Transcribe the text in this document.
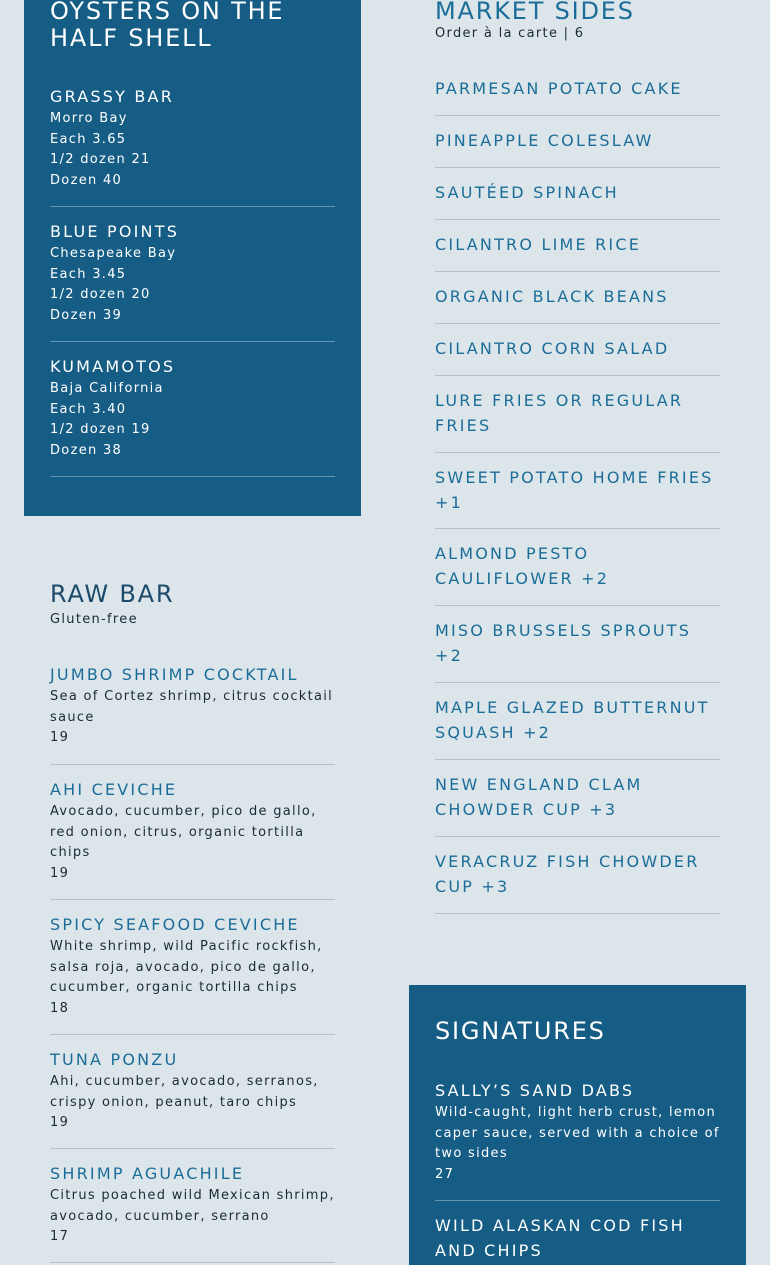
OYSTERS ON THE HALF SHELL
GRASSY BAR
Morro Bay
Each 3.65
1/2 dozen 21
Dozen 40
BLUE POINTS
Chesapeake Bay
Each 3.45
1/2 dozen 20
Dozen 39
KUMAMOTOS
Baja California
Each 3.40
1/2 dozen 19
Dozen 38
MARKET SIDES
Order à la carte | 6
PARMESAN POTATO CAKE
PINEAPPLE COLESLAW
SAUTÉED SPINACH
CILANTRO LIME RICE
ORGANIC BLACK BEANS
CILANTRO CORN SALAD
LURE FRIES OR REGULAR FRIES
SWEET POTATO HOME FRIES +1
ALMOND PESTO CAULIFLOWER +2
MISO BRUSSELS SPROUTS +2
MAPLE GLAZED BUTTERNUT SQUASH +2
NEW ENGLAND CLAM CHOWDER CUP +3
VERACRUZ FISH CHOWDER CUP +3
RAW BAR
Gluten-free
JUMBO SHRIMP COCKTAIL
Sea of Cortez shrimp, citrus cocktail sauce
19
AHI CEVICHE
Avocado, cucumber, pico de gallo, red onion, citrus, organic tortilla chips
19
SPICY SEAFOOD CEVICHE
White shrimp, wild Pacific rockfish, salsa roja, avocado, pico de gallo, cucumber, organic tortilla chips
18
TUNA PONZU
Ahi, cucumber, avocado, serranos, crispy onion, peanut, taro chips
19
SHRIMP AGUACHILE
Citrus poached wild Mexican shrimp, avocado, cucumber, serrano
17
SIGNATURES
SALLY’S SAND DABS
Wild-caught, light herb crust, lemon caper sauce, served with a choice of two sides
27
WILD ALASKAN COD FISH AND CHIPS
